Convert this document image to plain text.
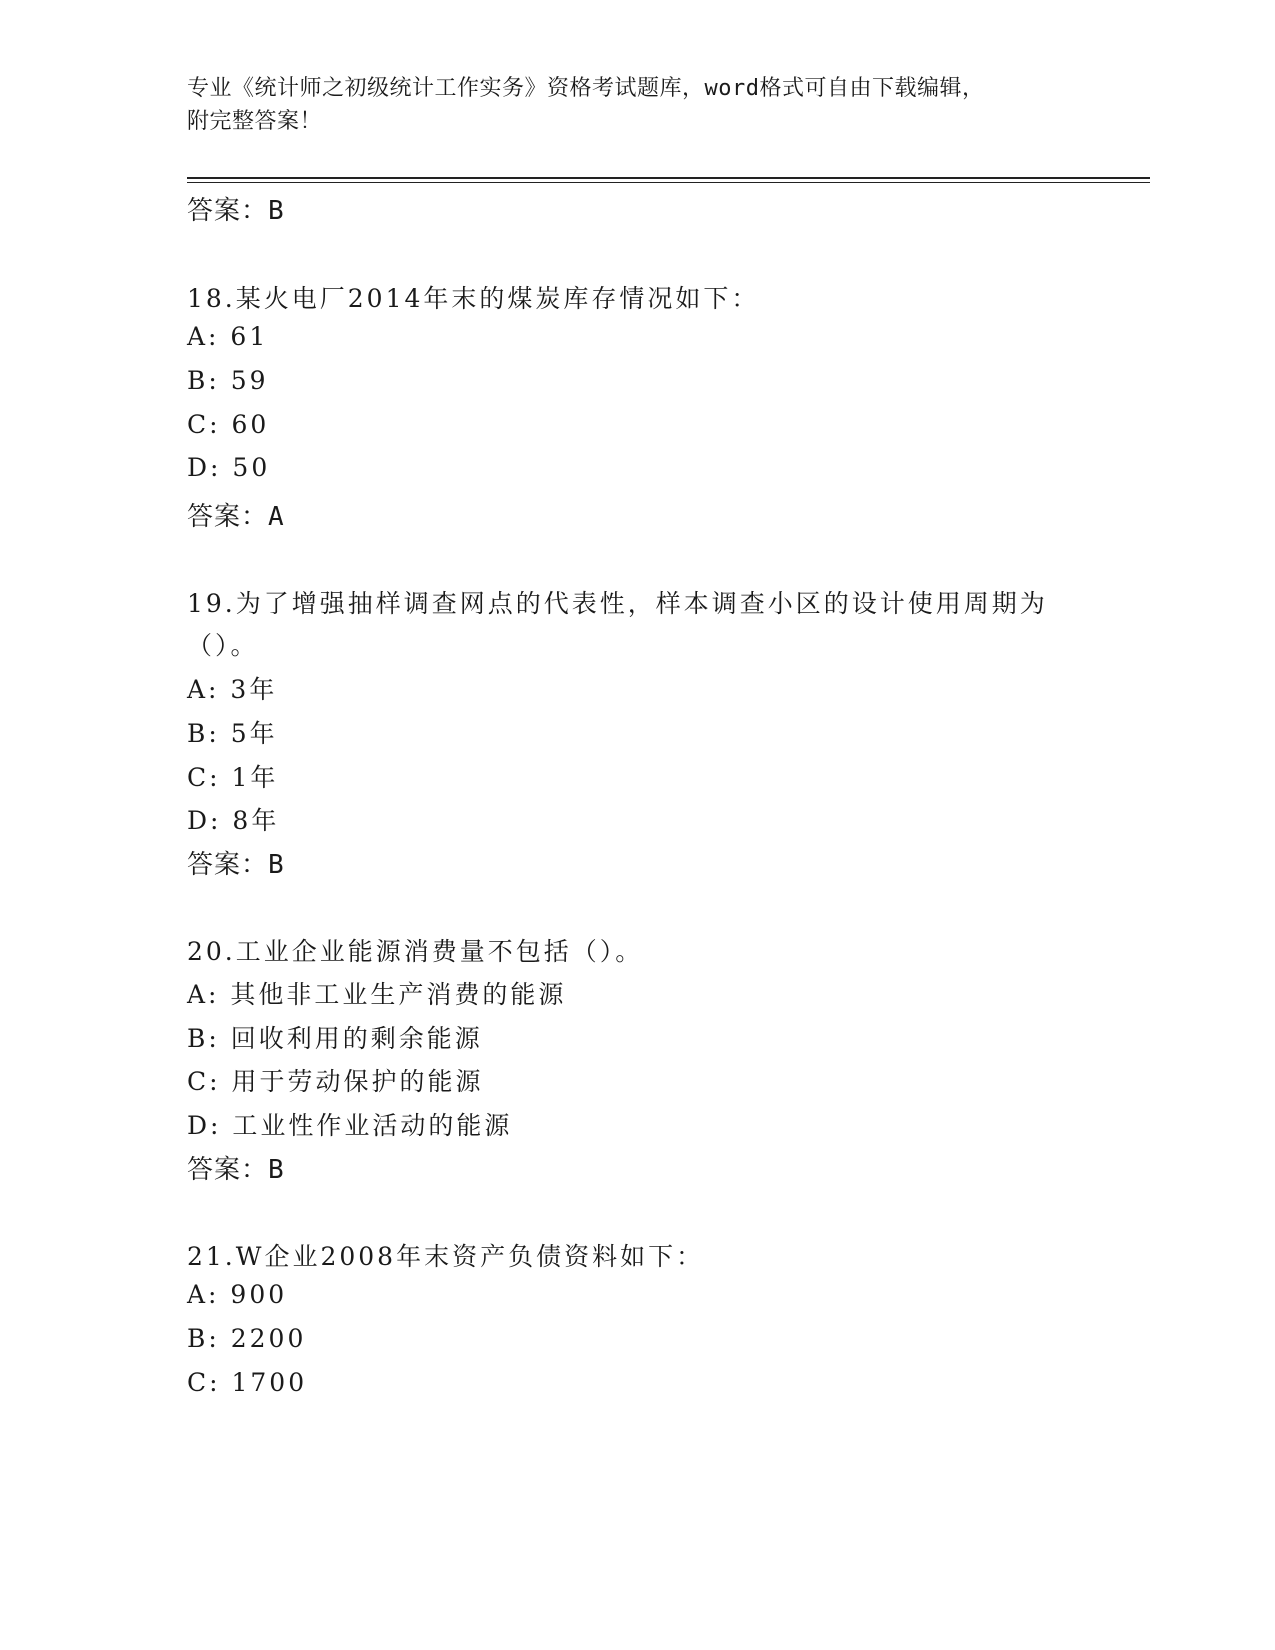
专业《统计师之初级统计工作实务》资格考试题库，word格式可自由下载编辑，
附完整答案！
答案：B
18.某火电厂2014年末的煤炭库存情况如下：
A: 61
B: 59
C: 60
D: 50
答案：A
19.为了增强抽样调查网点的代表性，样本调查小区的设计使用周期为
（）。
A: 3年
B: 5年
C: 1年
D: 8年
答案：B
20.工业企业能源消费量不包括（）。
A: 其他非工业生产消费的能源
B: 回收利用的剩余能源
C: 用于劳动保护的能源
D: 工业性作业活动的能源
答案：B
21.W企业2008年末资产负债资料如下：
A: 900
B: 2200
C: 1700
